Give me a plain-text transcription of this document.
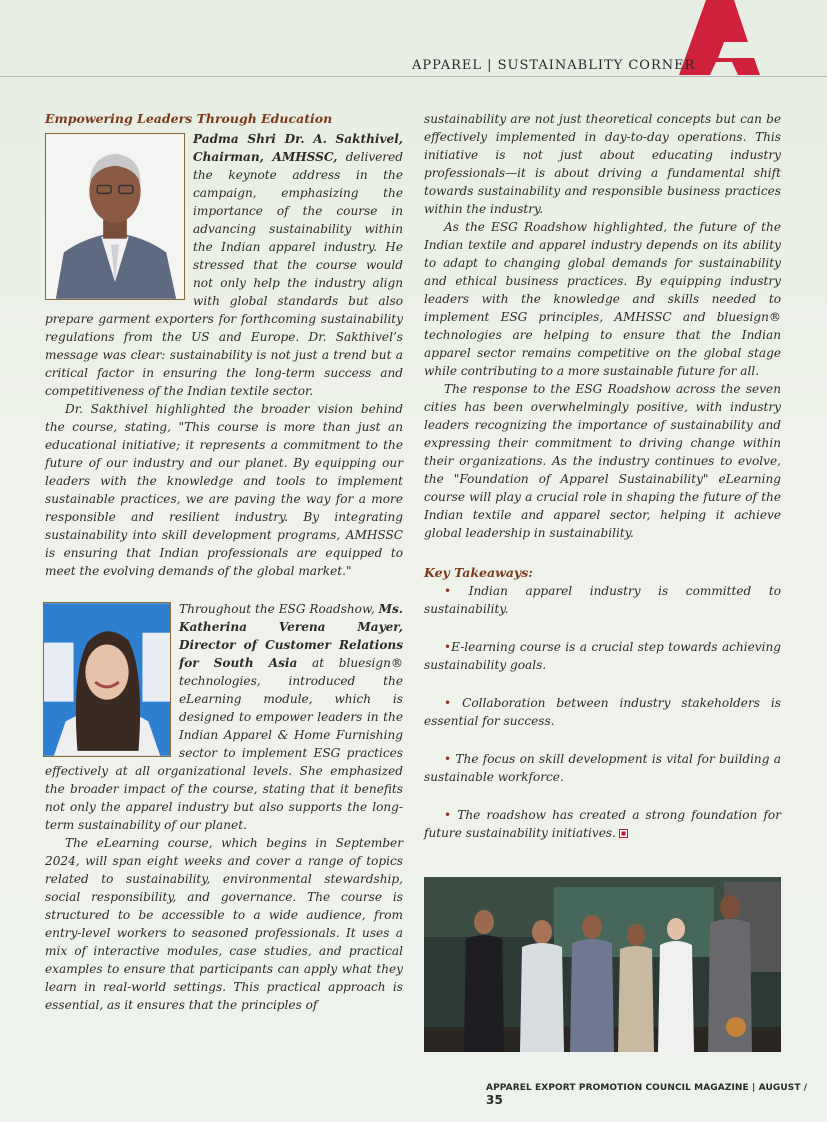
APPAREL | SUSTAINABLITY CORNER
Empowering Leaders Through Education

Padma Shri Dr. A. Sakthivel, Chairman, AMHSSC, delivered the keynote address in the campaign, emphasizing the importance of the course in advancing sustainability within the Indian apparel industry. He stressed that the course would not only help the industry align with global standards but also prepare garment exporters for forthcoming sustainability regulations from the US and Europe. Dr. Sakthivel’s message was clear: sustainability is not just a trend but a critical factor in ensuring the long-term success and competitiveness of the Indian textile sector.

Dr. Sakthivel highlighted the broader vision behind the course, stating, "This course is more than just an educational initiative; it represents a commitment to the future of our industry and our planet. By equipping our leaders with the knowledge and tools to implement sustainable practices, we are paving the way for a more responsible and resilient industry. By integrating sustainability into skill development programs, AMHSSC is ensuring that Indian professionals are equipped to meet the evolving demands of the global market."

Throughout the ESG Roadshow, Ms. Katherina Verena Mayer, Director of Customer Relations for South Asia at bluesign® technologies, introduced the eLearning module, which is designed to empower leaders in the Indian Apparel & Home Furnishing sector to implement ESG practices effectively at all organizational levels. She emphasized the broader impact of the course, stating that it benefits not only the apparel industry but also supports the long-term sustainability of our planet.

The eLearning course, which begins in September 2024, will span eight weeks and cover a range of topics related to sustainability, environmental stewardship, social responsibility, and governance. The course is structured to be accessible to a wide audience, from entry-level workers to seasoned professionals. It uses a mix of interactive modules, case studies, and practical examples to ensure that participants can apply what they learn in real-world settings. This practical approach is essential, as it ensures that the principles of

sustainability are not just theoretical concepts but can be effectively implemented in day-to-day operations. This initiative is not just about educating industry professionals—it is about driving a fundamental shift towards sustainability and responsible business practices within the industry.

As the ESG Roadshow highlighted, the future of the Indian textile and apparel industry depends on its ability to adapt to changing global demands for sustainability and ethical business practices. By equipping industry leaders with the knowledge and skills needed to implement ESG principles, AMHSSC and bluesign® technologies are helping to ensure that the Indian apparel sector remains competitive on the global stage while contributing to a more sustainable future for all.

The response to the ESG Roadshow across the seven cities has been overwhelmingly positive, with industry leaders recognizing the importance of sustainability and expressing their commitment to driving change within their organizations. As the industry continues to evolve, the "Foundation of Apparel Sustainability" eLearning course will play a crucial role in shaping the future of the Indian textile and apparel sector, helping it achieve global leadership in sustainability.

Key Takeaways:
• Indian apparel industry is committed to sustainability.
•E-learning course is a crucial step towards achieving sustainability goals.
• Collaboration between industry stakeholders is essential for success.
• The focus on skill development is vital for building a sustainable workforce.
• The roadshow has created a strong foundation for future sustainability initiatives.
APPAREL EXPORT PROMOTION COUNCIL MAGAZINE | AUGUST / 35
